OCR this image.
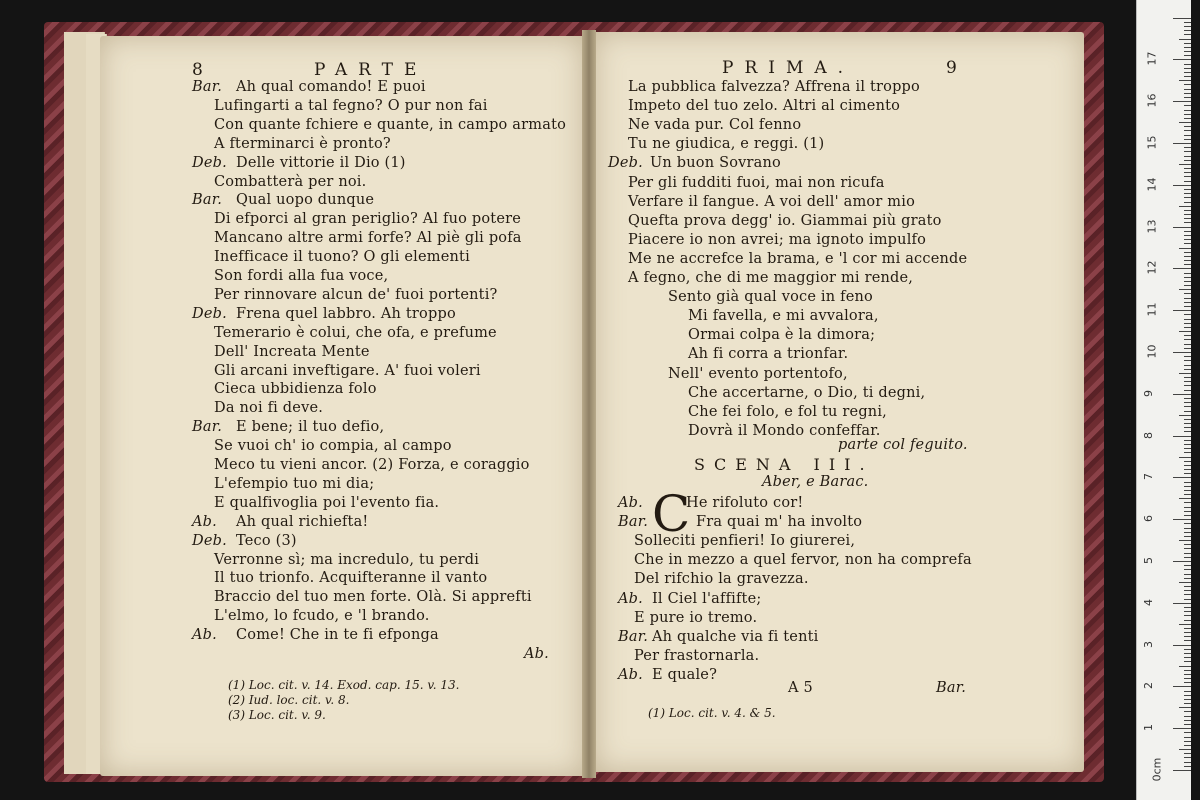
8	PARTE
Bar. Ah qual comando! E puoi
Lufingarti a tal fegno? O pur non fai
Con quante fchiere e quante, in campo armato
A fterminarci è pronto?
Deb. Delle vittorie il Dio (1)
Combatterà per noi.
Bar. Qual uopo dunque
Di efporci al gran periglio? Al fuo potere
Mancano altre armi forfe? Al piè gli pofa
Inefficace il tuono? O gli elementi
Son fordi alla fua voce,
Per rinnovare alcun de' fuoi portenti?
Deb. Frena quel labbro. Ah troppo
Temerario è colui, che ofa, e prefume
Dell' Increata Mente
Gli arcani inveftigare. A' fuoi voleri
Cieca ubbidienza folo
Da noi fi deve.
Bar. E bene; il tuo defio,
Se vuoi ch' io compia, al campo
Meco tu vieni ancor. (2) Forza, e coraggio
L'efempio tuo mi dia;
E qualfivoglia poi l'evento fia.
Ab. Ah qual richiefta!
Deb. Teco (3)
Verronne sì; ma incredulo, tu perdi
Il tuo trionfo. Acquifteranne il vanto
Braccio del tuo men forte. Olà. Si apprefti
L'elmo, lo fcudo, e 'l brando.
Ab. Come! Che in te fi efponga
Ab.
(1) Loc. cit. v. 14. Exod. cap. 15. v. 13.
(2) Iud. loc. cit. v. 8.
(3) Loc. cit. v. 9.
PRIMA.	9
La pubblica falvezza? Affrena il troppo
Impeto del tuo zelo. Altri al cimento
Ne vada pur. Col fenno
Tu ne giudica, e reggi. (1)
Deb. Un buon Sovrano
Per gli fudditi fuoi, mai non ricufa
Verfare il fangue. A voi dell' amor mio
Quefta prova degg' io. Giammai più grato
Piacere io non avrei; ma ignoto impulfo
Me ne accrefce la brama, e 'l cor mi accende
A fegno, che di me maggior mi rende,
Sento già qual voce in feno
Mi favella, e mi avvalora,
Ormai colpa è la dimora;
Ah fi corra a trionfar.
Nell' evento portentofo,
Che accertarne, o Dio, ti degni,
Che fei folo, e fol tu regni,
Dovrà il Mondo confeffar.
parte col feguito.
SCENA III.
Aber, e Barac.
C
Ab.	He rifoluto cor!
Bar.	Fra quai m' ha involto
Solleciti penfieri! Io giurerei,
Che in mezzo a quel fervor, non ha comprefa
Del rifchio la gravezza.
Ab. Il Ciel l'affifte;
E pure io tremo.
Bar. Ah qualche via fi tenti
Per frastornarla.
Ab. E quale?
A 5	Bar.
(1) Loc. cit. v. 4. & 5.
0cm
1
2
3
4
5
6
7
8
9
10
11
12
13
14
15
16
17
